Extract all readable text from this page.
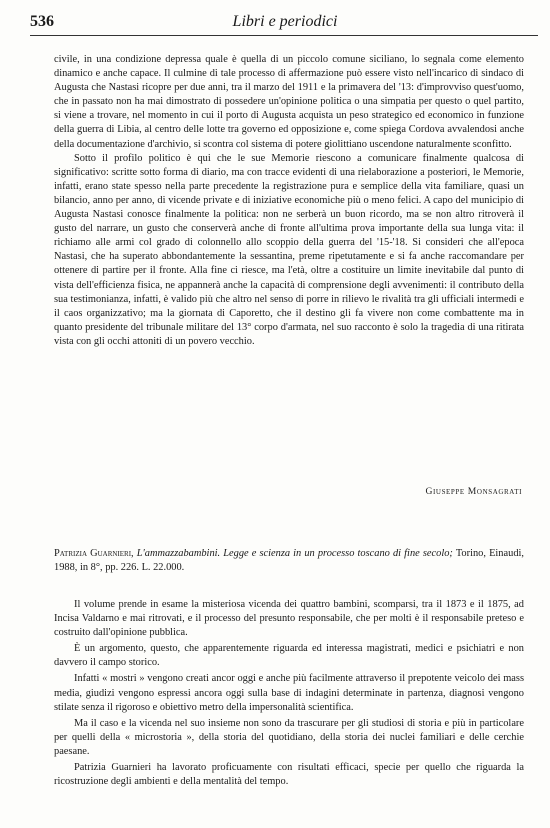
536	Libri e periodici

civile, in una condizione depressa quale è quella di un piccolo comune siciliano, lo segnala come elemento dinamico e anche capace. Il culmine di tale processo di affermazione può essere visto nell'incarico di sindaco di Augusta che Nastasi ricopre per due anni, tra il marzo del 1911 e la primavera del '13: d'improvviso quest'uomo, che in passato non ha mai dimostrato di possedere un'opinione politica o una simpatia per questo o quel partito, si viene a trovare, nel momento in cui il porto di Augusta acquista un peso strategico ed economico in funzione della guerra di Libia, al centro delle lotte tra governo ed opposizione e, come spiega Cordova avvalendosi anche della documentazione d'archivio, si scontra col sistema di potere giolittiano uscendone naturalmente sconfitto.

Sotto il profilo politico è qui che le sue Memorie riescono a comunicare finalmente qualcosa di significativo: scritte sotto forma di diario, ma con tracce evidenti di una rielaborazione a posteriori, le Memorie, infatti, erano state spesso nella parte precedente la registrazione pura e semplice della vita familiare, quasi un bilancio, anno per anno, di vicende private e di iniziative economiche più o meno felici. A capo del municipio di Augusta Nastasi conosce finalmente la politica: non ne serberà un buon ricordo, ma se non altro ritroverà il gusto del narrare, un gusto che conserverà anche di fronte all'ultima prova importante della sua lunga vita: il richiamo alle armi col grado di colonnello allo scoppio della guerra del '15-'18. Si consideri che all'epoca Nastasi, che ha superato abbondantemente la sessantina, preme ripetutamente e si fa anche raccomandare per ottenere di partire per il fronte. Alla fine ci riesce, ma l'età, oltre a costituire un limite inevitabile dal punto di vista dell'efficienza fisica, ne appannerà anche la capacità di comprensione degli avvenimenti: il contributo della sua testimonianza, infatti, è valido più che altro nel senso di porre in rilievo le rivalità tra gli ufficiali intermedi e il caos organizzativo; ma la giornata di Caporetto, che il destino gli fa vivere non come combattente ma in quanto presidente del tribunale militare del 13° corpo d'armata, nel suo racconto è solo la tragedia di una ritirata vista con gli occhi attoniti di un povero vecchio.

Giuseppe Monsagrati
Patrizia Guarnieri, L'ammazzabambini. Legge e scienza in un processo toscano di fine secolo; Torino, Einaudi, 1988, in 8°, pp. 226. L. 22.000.

Il volume prende in esame la misteriosa vicenda dei quattro bambini, scomparsi, tra il 1873 e il 1875, ad Incisa Valdarno e mai ritrovati, e il processo del presunto responsabile, che per molti è il responsabile preteso e costruito dall'opinione pubblica.

È un argomento, questo, che apparentemente riguarda ed interessa magistrati, medici e psichiatri e non davvero il campo storico.

Infatti « mostri » vengono creati ancor oggi e anche più facilmente attraverso il prepotente veicolo dei mass media, giudizi vengono espressi ancora oggi sulla base di indagini determinate in partenza, diagnosi vengono stilate senza il rigoroso e obiettivo metro della impersonalità scientifica.

Ma il caso e la vicenda nel suo insieme non sono da trascurare per gli studiosi di storia e più in particolare per quelli della « microstoria », della storia del quotidiano, della storia dei nuclei familiari e delle cerchie paesane.

Patrizia Guarnieri ha lavorato proficuamente con risultati efficaci, specie per quello che riguarda la ricostruzione degli ambienti e della mentalità del tempo.
